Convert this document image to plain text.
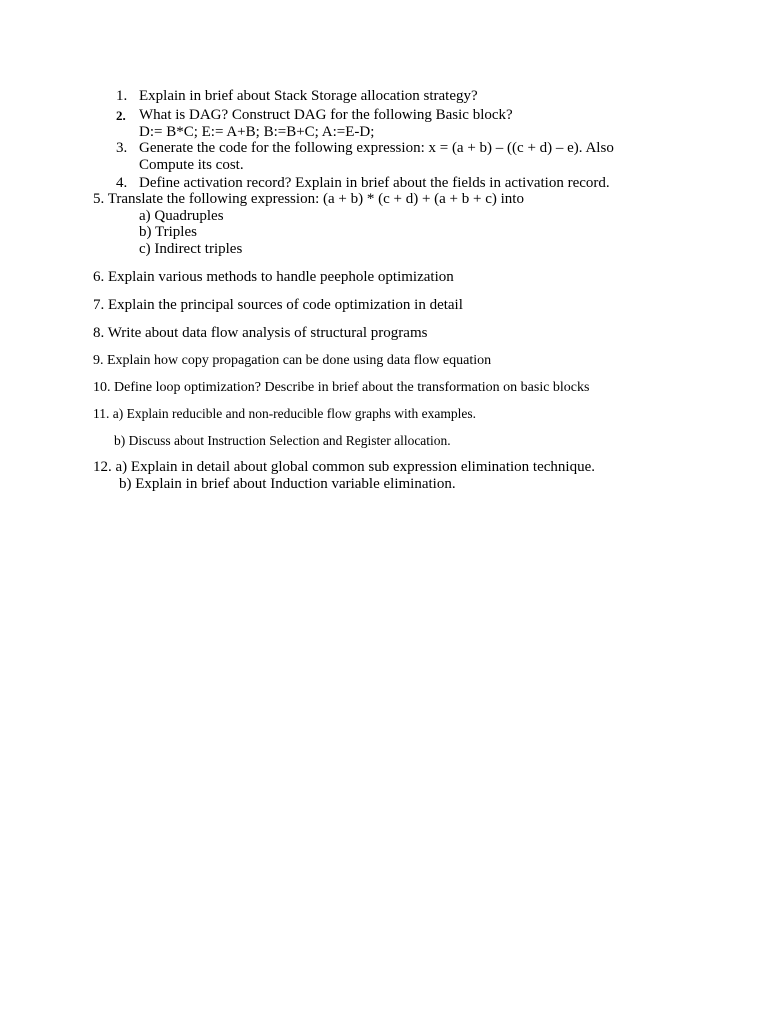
1. Explain in brief about Stack Storage allocation strategy?
2. What is DAG? Construct DAG for the following Basic block?
D:= B*C; E:= A+B; B:=B+C; A:=E-D;
3. Generate the code for the following expression: x = (a + b) – ((c + d) – e). Also
Compute its cost.
4. Define activation record? Explain in brief about the fields in activation record.
5. Translate the following expression: (a + b) * (c + d) + (a + b + c) into
a) Quadruples
b) Triples
c) Indirect triples
6. Explain various methods to handle peephole optimization
7. Explain the principal sources of code optimization in detail
8. Write about data flow analysis of structural programs
9. Explain how copy propagation can be done using data flow equation
10. Define loop optimization? Describe in brief about the transformation on basic blocks
11. a) Explain reducible and non-reducible flow graphs with examples.
b) Discuss about Instruction Selection and Register allocation.
12. a) Explain in detail about global common sub expression elimination technique.
b) Explain in brief about Induction variable elimination.
